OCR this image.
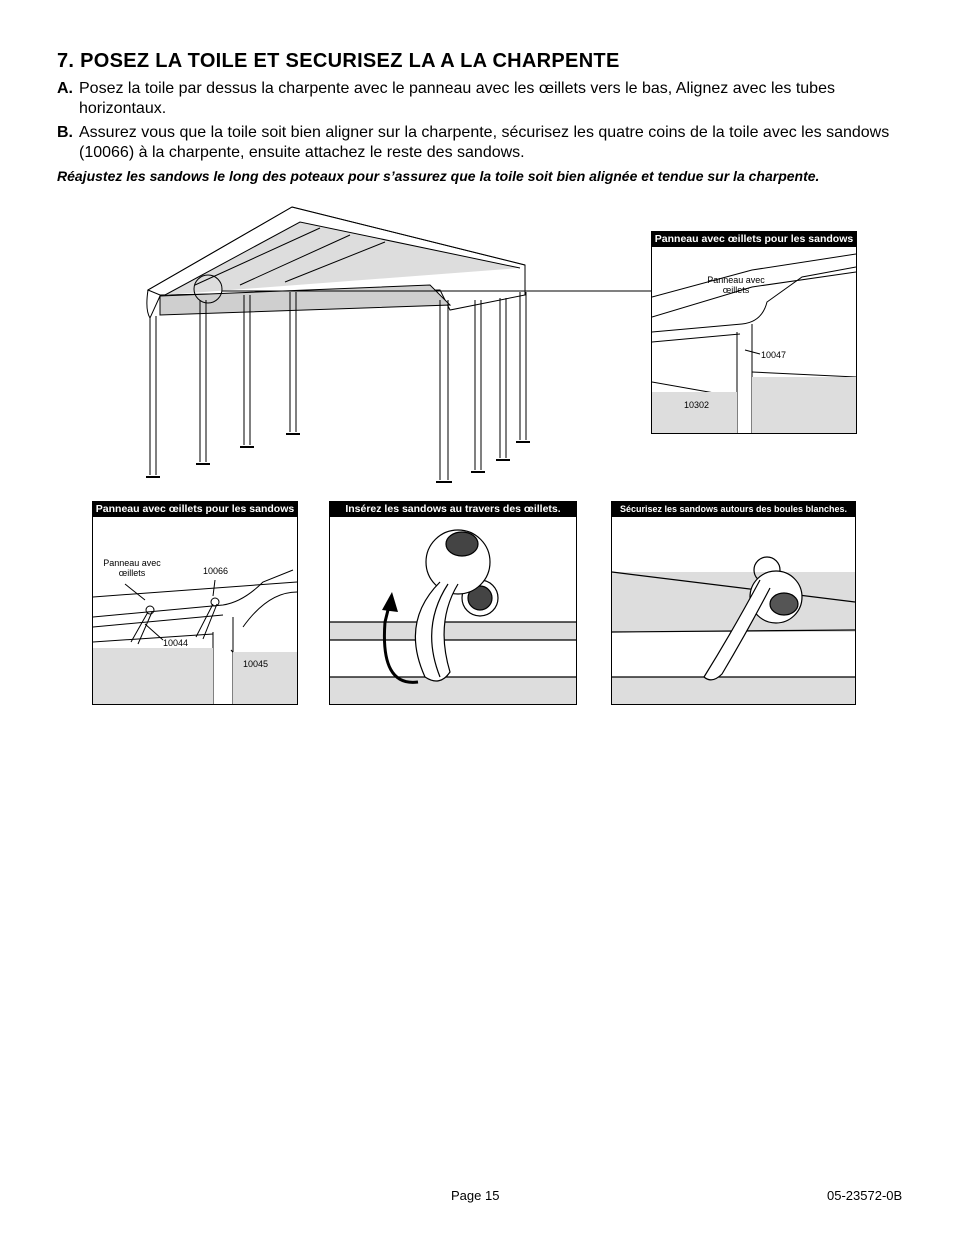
7. POSEZ LA TOILE ET SECURISEZ LA A LA CHARPENTE
A. Posez la toile par dessus la charpente avec le panneau avec les œillets vers le bas, Alignez avec les tubes horizontaux.
B. Assurez vous que la toile soit bien aligner sur la charpente, sécurisez les quatre coins de la toile avec les sandows (10066) à la charpente, ensuite attachez le reste des sandows.
Réajustez les sandows le long des poteaux pour s’assurez que la toile soit bien alignée et tendue sur la charpente.
Panneau avec œillets pour les sandows
Panneau avec œillets
10047
10302
Panneau avec œillets pour les sandows
Panneau avec œillets	10066
10044
10045
Insérez les sandows au travers des œillets.	Sécurisez les sandows autours des boules blanches.
Page 15	05-23572-0B
